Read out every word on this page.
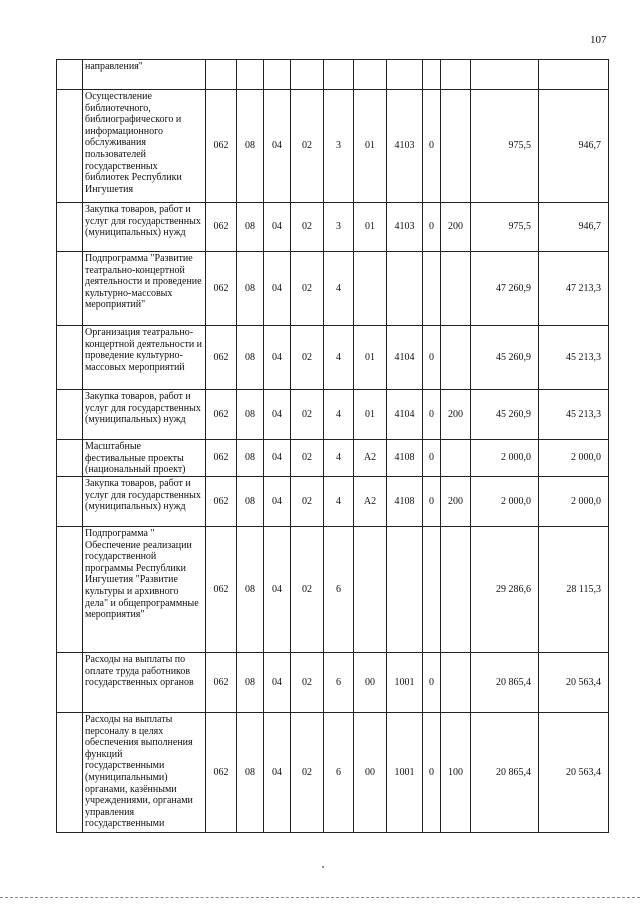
107
	направления"											
	Осуществление библиотечного, библиографического и информационного обслуживания пользователей государственных библиотек Республики Ингушетия	062	08	04	02	3	01	4103	0		975,5	946,7
	Закупка товаров, работ и услуг для государственных (муниципальных) нужд	062	08	04	02	3	01	4103	0	200	975,5	946,7
	Подпрограмма "Развитие театрально-концертной деятельности и проведение культурно-массовых мероприятий"	062	08	04	02	4					47 260,9	47 213,3
	Организация театрально-концертной деятельности и проведение культурно-массовых мероприятий	062	08	04	02	4	01	4104	0		45 260,9	45 213,3
	Закупка товаров, работ и услуг для государственных (муниципальных) нужд	062	08	04	02	4	01	4104	0	200	45 260,9	45 213,3
	Масштабные фестивальные проекты (национальный проект)	062	08	04	02	4	А2	4108	0		2 000,0	2 000,0
	Закупка товаров, работ и услуг для государственных (муниципальных) нужд	062	08	04	02	4	А2	4108	0	200	2 000,0	2 000,0
	Подпрограмма " Обеспечение реализации государственной программы Республики Ингушетия "Развитие культуры и архивного дела" и общепрограммные мероприятия"	062	08	04	02	6					29 286,6	28 115,3
	Расходы на выплаты по оплате труда работников государственных органов	062	08	04	02	6	00	1001	0		20 865,4	20 563,4
	Расходы на выплаты персоналу в целях обеспечения выполнения функций государственными (муниципальными) органами, казёнными учреждениями, органами управления государственными	062	08	04	02	6	00	1001	0	100	20 865,4	20 563,4
